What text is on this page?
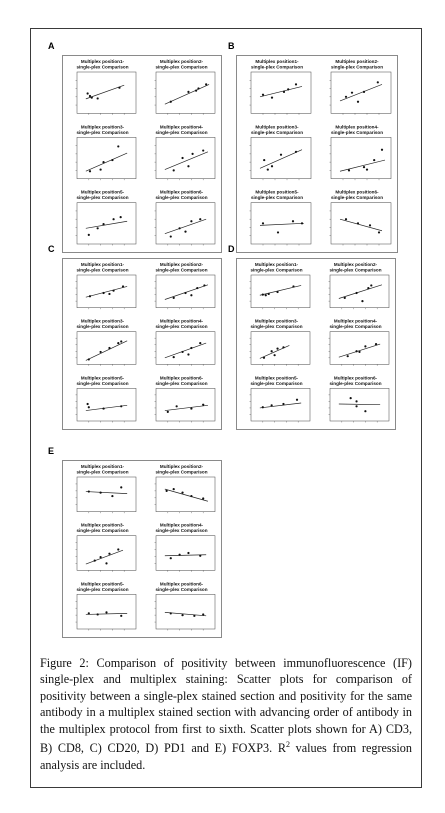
A
Multiplex position1-
single-plex Comparison
Multiplex position2-
single-plex Comparison
Multiplex position3-
single-plex Comparison
Multiplex position4-
single-plex Comparison
Multiplex position5-
single-plex Comparison
Multiplex position6-
single-plex Comparison
B
Multiplex position1-
single-plex Comparison
Multiplex position2-
single-plex Comparison
Multiplex position3-
single-plex Comparison
Multiplex position4-
single-plex Comparison
Multiplex position5-
single-plex Comparison
Multiplex position6-
single-plex Comparison
C
Multiplex position1-
single-plex Comparison
Multiplex position2-
single-plex Comparison
Multiplex position3-
single-plex Comparison
Multiplex position4-
single-plex Comparison
Multiplex position5-
single-plex Comparison
Multiplex position6-
single-plex Comparison
D
Multiplex position1-
single-plex Comparison
Multiplex position2-
single-plex Comparison
Multiplex position3-
single-plex Comparison
Multiplex position4-
single-plex Comparison
Multiplex position5-
single-plex Comparison
Multiplex position6-
single-plex Comparison
E
Multiplex position1-
single-plex Comparison
Multiplex position2-
single-plex Comparison
Multiplex position3-
single-plex Comparison
Multiplex position4-
single-plex Comparison
Multiplex position5-
single-plex Comparison
Multiplex position6-
single-plex Comparison
Figure 2: Comparison of positivity between immunofluorescence (IF) single-plex and multiplex staining: Scatter plots for comparison of positivity between a single-plex stained section and positivity for the same antibody in a multiplex stained section with advancing order of antibody in the multiplex protocol from first to sixth. Scatter plots shown for A) CD3, B) CD8, C) CD20, D) PD1 and E) FOXP3. $R^2$ values from regression analysis are included.
